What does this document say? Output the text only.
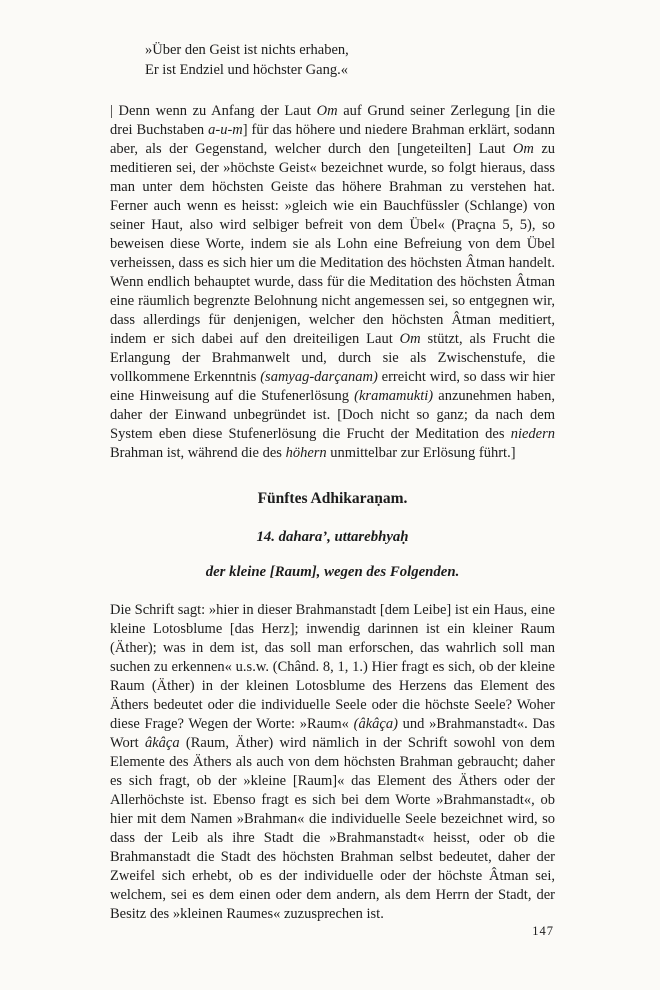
»Über den Geist ist nichts erhaben,
Er ist Endziel und höchster Gang.«

| Denn wenn zu Anfang der Laut Om auf Grund seiner Zerlegung [in die drei Buchstaben a-u-m] für das höhere und niedere Brahman erklärt, sodann aber, als der Gegenstand, welcher durch den [ungeteilten] Laut Om zu meditieren sei, der »höchste Geist« bezeichnet wurde, so folgt hieraus, dass man unter dem höchsten Geiste das höhere Brahman zu verstehen hat. Ferner auch wenn es heisst: »gleich wie ein Bauchfüssler (Schlange) von seiner Haut, also wird selbiger befreit von dem Übel« (Praçna 5, 5), so beweisen diese Worte, indem sie als Lohn eine Befreiung von dem Übel verheissen, dass es sich hier um die Meditation des höchsten Âtman handelt. Wenn endlich behauptet wurde, dass für die Meditation des höchsten Âtman eine räumlich begrenzte Belohnung nicht angemessen sei, so entgegnen wir, dass allerdings für denjenigen, welcher den höchsten Âtman meditiert, indem er sich dabei auf den dreiteiligen Laut Om stützt, als Frucht die Erlangung der Brahmanwelt und, durch sie als Zwischenstufe, die vollkommene Erkenntnis (samyag-darçanam) erreicht wird, so dass wir hier eine Hinweisung auf die Stufenerlösung (kramamukti) anzunehmen haben, daher der Einwand unbegründet ist. [Doch nicht so ganz; da nach dem System eben diese Stufenerlösung die Frucht der Meditation des niedern Brahman ist, während die des höhern unmittelbar zur Erlösung führt.]

Fünftes Adhikaraṇam.
14. dahara’, uttarebhyaḥ
der kleine [Raum], wegen des Folgenden.

Die Schrift sagt: »hier in dieser Brahmanstadt [dem Leibe] ist ein Haus, eine kleine Lotosblume [das Herz]; inwendig darinnen ist ein kleiner Raum (Äther); was in dem ist, das soll man erforschen, das wahrlich soll man suchen zu erkennen« u.s.w. (Chând. 8, 1, 1.) Hier fragt es sich, ob der kleine Raum (Äther) in der kleinen Lotosblume des Herzens das Element des Äthers bedeutet oder die individuelle Seele oder die höchste Seele? Woher diese Frage? Wegen der Worte: »Raum« (âkâça) und »Brahmanstadt«. Das Wort âkâça (Raum, Äther) wird nämlich in der Schrift sowohl von dem Elemente des Äthers als auch von dem höchsten Brahman gebraucht; daher es sich fragt, ob der »kleine [Raum]« das Element des Äthers oder der Allerhöchste ist. Ebenso fragt es sich bei dem Worte »Brahmanstadt«, ob hier mit dem Namen »Brahman« die individuelle Seele bezeichnet wird, so dass der Leib als ihre Stadt die »Brahmanstadt« heisst, oder ob die Brahmanstadt die Stadt des höchsten Brahman selbst bedeutet, daher der Zweifel sich erhebt, ob es der individuelle oder der höchste Âtman sei, welchem, sei es dem einen oder dem andern, als dem Herrn der Stadt, der Besitz des »kleinen Raumes« zuzusprechen ist.

147
